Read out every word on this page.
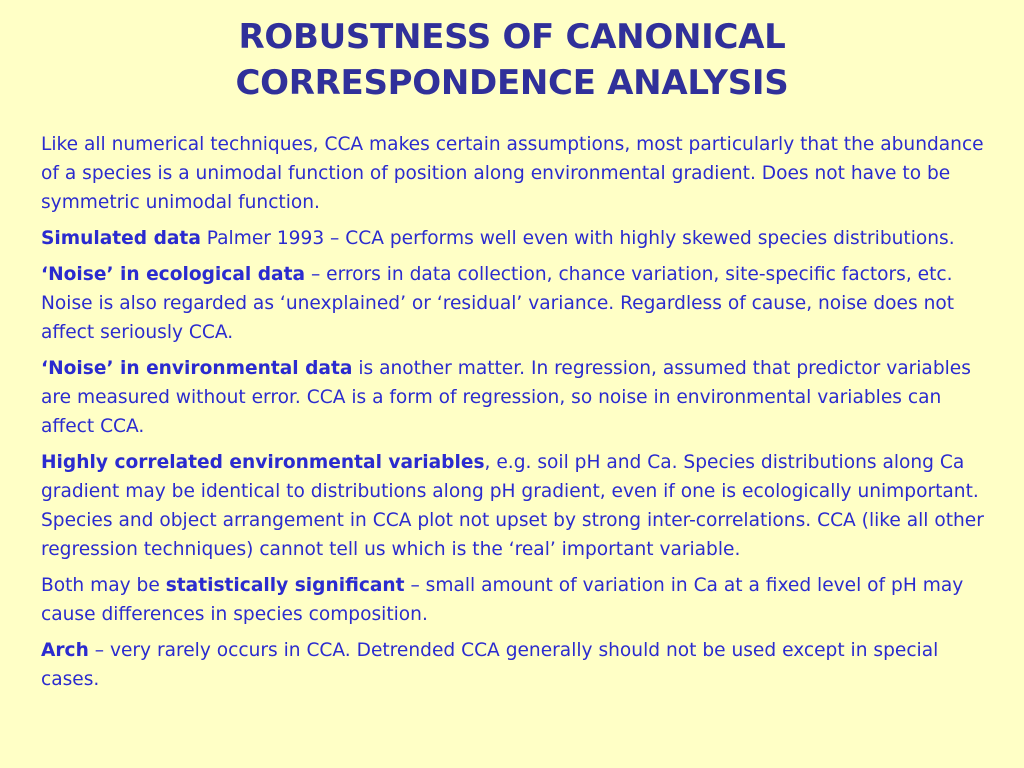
ROBUSTNESS OF CANONICAL
CORRESPONDENCE ANALYSIS

Like all numerical techniques, CCA makes certain assumptions, most particularly that the abundance of a species is a unimodal function of position along environmental gradient. Does not have to be symmetric unimodal function.

Simulated data Palmer 1993 – CCA performs well even with highly skewed species distributions.

‘Noise’ in ecological data – errors in data collection, chance variation, site-specific factors, etc. Noise is also regarded as ‘unexplained’ or ‘residual’ variance. Regardless of cause, noise does not affect seriously CCA.

‘Noise’ in environmental data is another matter. In regression, assumed that predictor variables are measured without error. CCA is a form of regression, so noise in environmental variables can affect CCA.

Highly correlated environmental variables, e.g. soil pH and Ca. Species distributions along Ca gradient may be identical to distributions along pH gradient, even if one is ecologically unimportant. Species and object arrangement in CCA plot not upset by strong inter-correlations. CCA (like all other regression techniques) cannot tell us which is the ‘real’ important variable.

Both may be statistically significant – small amount of variation in Ca at a fixed level of pH may cause differences in species composition.

Arch – very rarely occurs in CCA. Detrended CCA generally should not be used except in special cases.
